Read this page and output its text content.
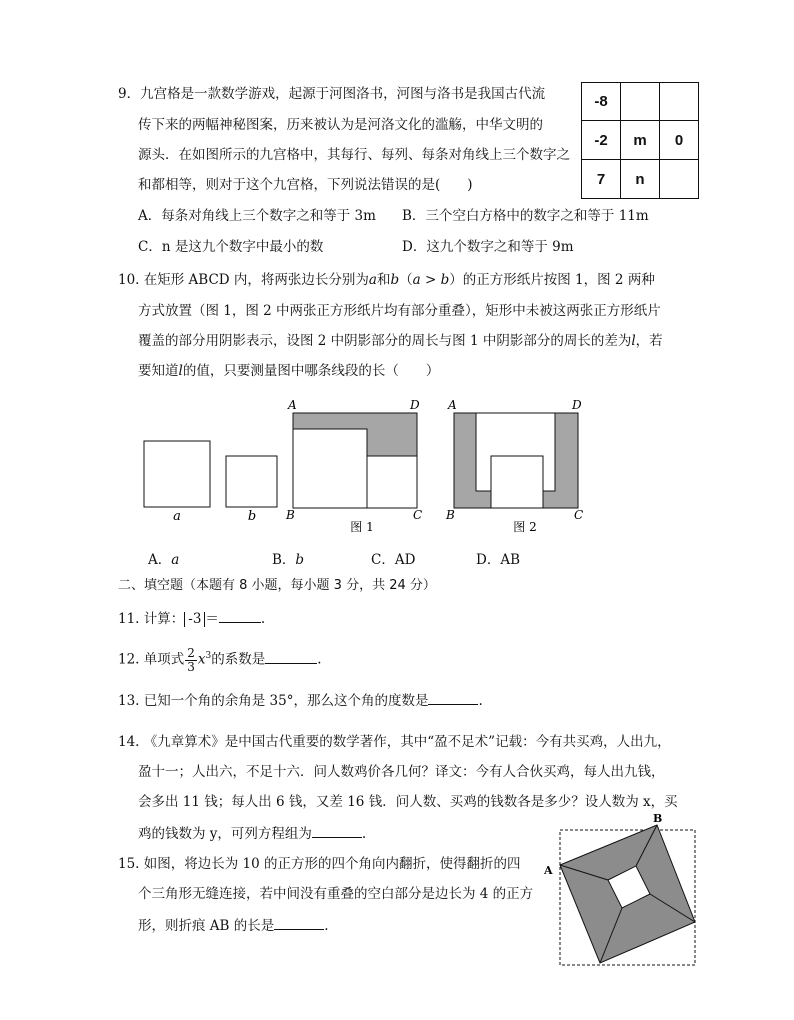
9．九宫格是一款数学游戏，起源于河图洛书，河图与洛书是我国古代流
传下来的两幅神秘图案，历来被认为是河洛文化的滥觞，中华文明的
源头．在如图所示的九宫格中，其每行、每列、每条对角线上三个数字之
和都相等，则对于这个九宫格，下列说法错误的是(　　)
-8		
-2	m	0
7	n	
A．每条对角线上三个数字之和等于 3m B．三个空白方格中的数字之和等于 11m
C．n 是这九个数字中最小的数	D．这九个数字之和等于 9m
10. 在矩形 ABCD 内，将两张边长分别为a和b（a > b）的正方形纸片按图 1，图 2 两种
方式放置（图 1，图 2 中两张正方形纸片均有部分重叠），矩形中未被这两张正方形纸片
覆盖的部分用阴影表示，设图 2 中阴影部分的周长与图 1 中阴影部分的周长的差为l，若
要知道l的值，只要测量图中哪条线段的长（　　）
a	b
A	D
B	C
图 1
A	D
B	C
图 2
A．a	B．b	C．AD	D．AB
二、填空题（本题有 8 小题，每小题 3 分，共 24 分）
11. 计算： -3 ＝	.
12. 单项式 $\frac{2}{3} x^3$的系数是	.
13. 已知一个角的余角是 35°，那么这个角的度数是	.
14. 《九章算术》是中国古代重要的数学著作，其中“盈不足术”记载：今有共买鸡，人出九，
盈十一；人出六，不足十六．问人数鸡价各几何？译文：今有人合伙买鸡，每人出九钱，
会多出 11 钱；每人出 6 钱，又差 16 钱．问人数、买鸡的钱数各是多少？设人数为 x，买
鸡的钱数为 y，可列方程组为	.
15. 如图，将边长为 10 的正方形的四个角向内翻折，使得翻折的四
个三角形无缝连接，若中间没有重叠的空白部分是边长为 4 的正方
形，则折痕 AB 的长是	.
A
B
